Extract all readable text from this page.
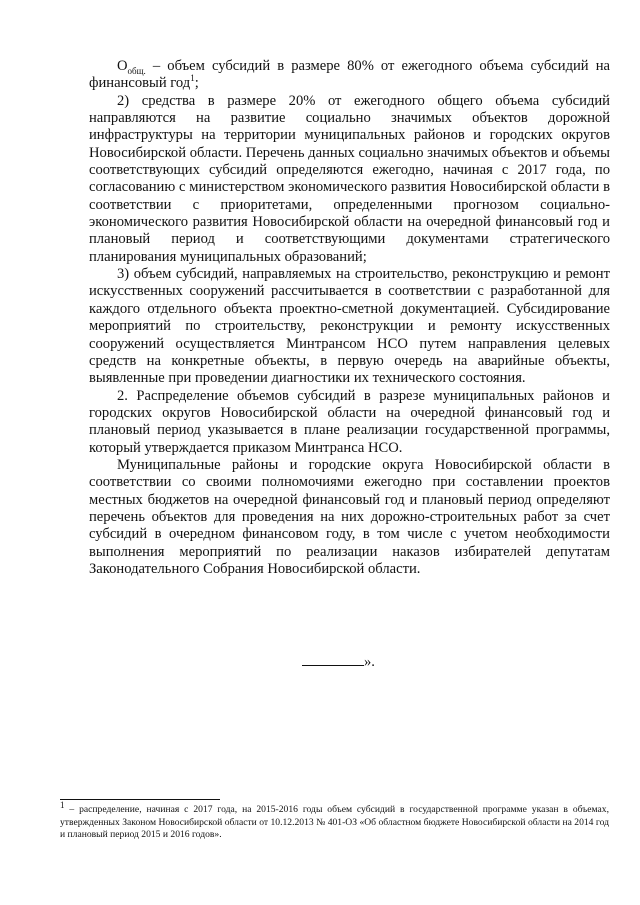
$O_{общ.}$ – объем субсидий в размере 80% от ежегодного объема субсидий на финансовый год$^1$;

2) средства в размере 20% от ежегодного общего объема субсидий направляются на развитие социально значимых объектов дорожной инфраструктуры на территории муниципальных районов и городских округов Новосибирской области. Перечень данных социально значимых объектов и объемы соответствующих субсидий определяются ежегодно, начиная с 2017 года, по согласованию с министерством экономического развития Новосибирской области в соответствии с приоритетами, определенными прогнозом социально-экономического развития Новосибирской области на очередной финансовый год и плановый период и соответствующими документами стратегического планирования муниципальных образований;

3) объем субсидий, направляемых на строительство, реконструкцию и ремонт искусственных сооружений рассчитывается в соответствии с разработанной для каждого отдельного объекта проектно-сметной документацией. Субсидирование мероприятий по строительству, реконструкции и ремонту искусственных сооружений осуществляется Минтрансом НСО путем направления целевых средств на конкретные объекты, в первую очередь на аварийные объекты, выявленные при проведении диагностики их технического состояния.

2. Распределение объемов субсидий в разрезе муниципальных районов и городских округов Новосибирской области на очередной финансовый год и плановый период указывается в плане реализации государственной программы, который утверждается приказом Минтранса НСО.

Муниципальные районы и городские округа Новосибирской области в соответствии со своими полномочиями ежегодно при составлении проектов местных бюджетов на очередной финансовый год и плановый период определяют перечень объектов для проведения на них дорожно-строительных работ за счет субсидий в очередном финансовом году, в том числе с учетом необходимости выполнения мероприятий по реализации наказов избирателей депутатам Законодательного Собрания Новосибирской области.

».
$^1$ – распределение, начиная с 2017 года, на 2015-2016 годы объем субсидий в государственной программе указан в объемах, утвержденных Законом Новосибирской области от 10.12.2013 № 401-ОЗ «Об областном бюджете Новосибирской области на 2014 год и плановый период 2015 и 2016 годов».
